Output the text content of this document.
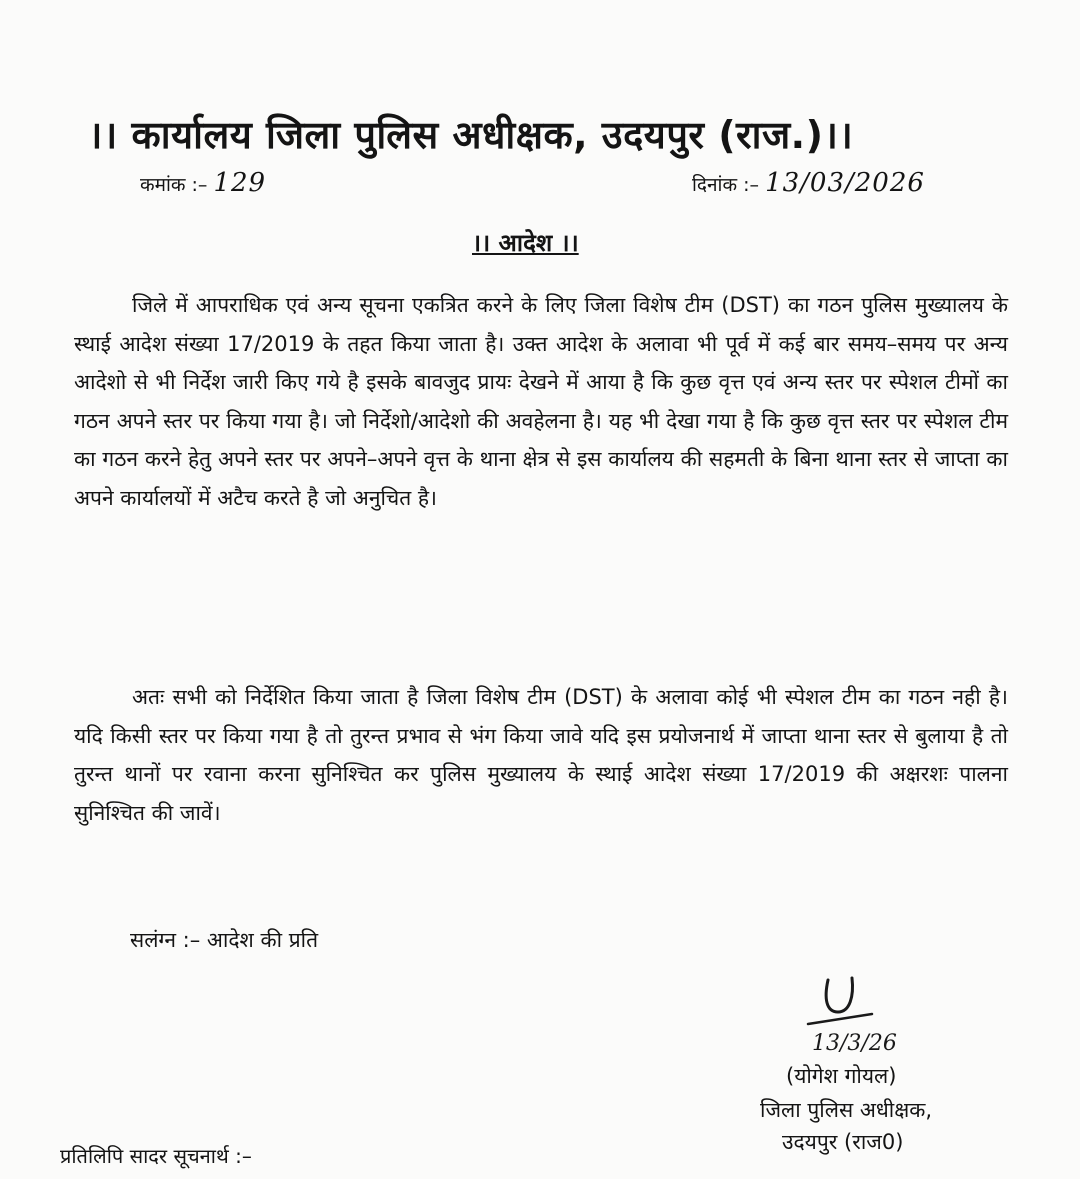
।। कार्यालय जिला पुलिस अधीक्षक, उदयपुर (राज.)।।
कमांक :– 129	दिनांक :– 13/03/2026
।। आदेश ।।
जिले में आपराधिक एवं अन्य सूचना एकत्रित करने के लिए जिला विशेष टीम (DST) का गठन पुलिस मुख्यालय के स्थाई आदेश संख्या 17/2019 के तहत किया जाता है। उक्त आदेश के अलावा भी पूर्व में कई बार समय–समय पर अन्य आदेशो से भी निर्देश जारी किए गये है इसके बावजुद प्रायः देखने में आया है कि कुछ वृत्त एवं अन्य स्तर पर स्पेशल टीमों का गठन अपने स्तर पर किया गया है। जो निर्देशो/आदेशो की अवहेलना है। यह भी देखा गया है कि कुछ वृत्त स्तर पर स्पेशल टीम का गठन करने हेतु अपने स्तर पर अपने–अपने वृत्त के थाना क्षेत्र से इस कार्यालय की सहमती के बिना थाना स्तर से जाप्ता का अपने कार्यालयों में अटैच करते है जो अनुचित है।
अतः सभी को निर्देशित किया जाता है जिला विशेष टीम (DST) के अलावा कोई भी स्पेशल टीम का गठन नही है। यदि किसी स्तर पर किया गया है तो तुरन्त प्रभाव से भंग किया जावे यदि इस प्रयोजनार्थ में जाप्ता थाना स्तर से बुलाया है तो तुरन्त थानों पर रवाना करना सुनिश्चित कर पुलिस मुख्यालय के स्थाई आदेश संख्या 17/2019 की अक्षरशः पालना सुनिश्चित की जावें।
सलंग्न :– आदेश की प्रति
13/3/26
(योगेश गोयल)
जिला पुलिस अधीक्षक,
उदयपुर (राज0)
प्रतिलिपि सादर सूचनार्थ :–
